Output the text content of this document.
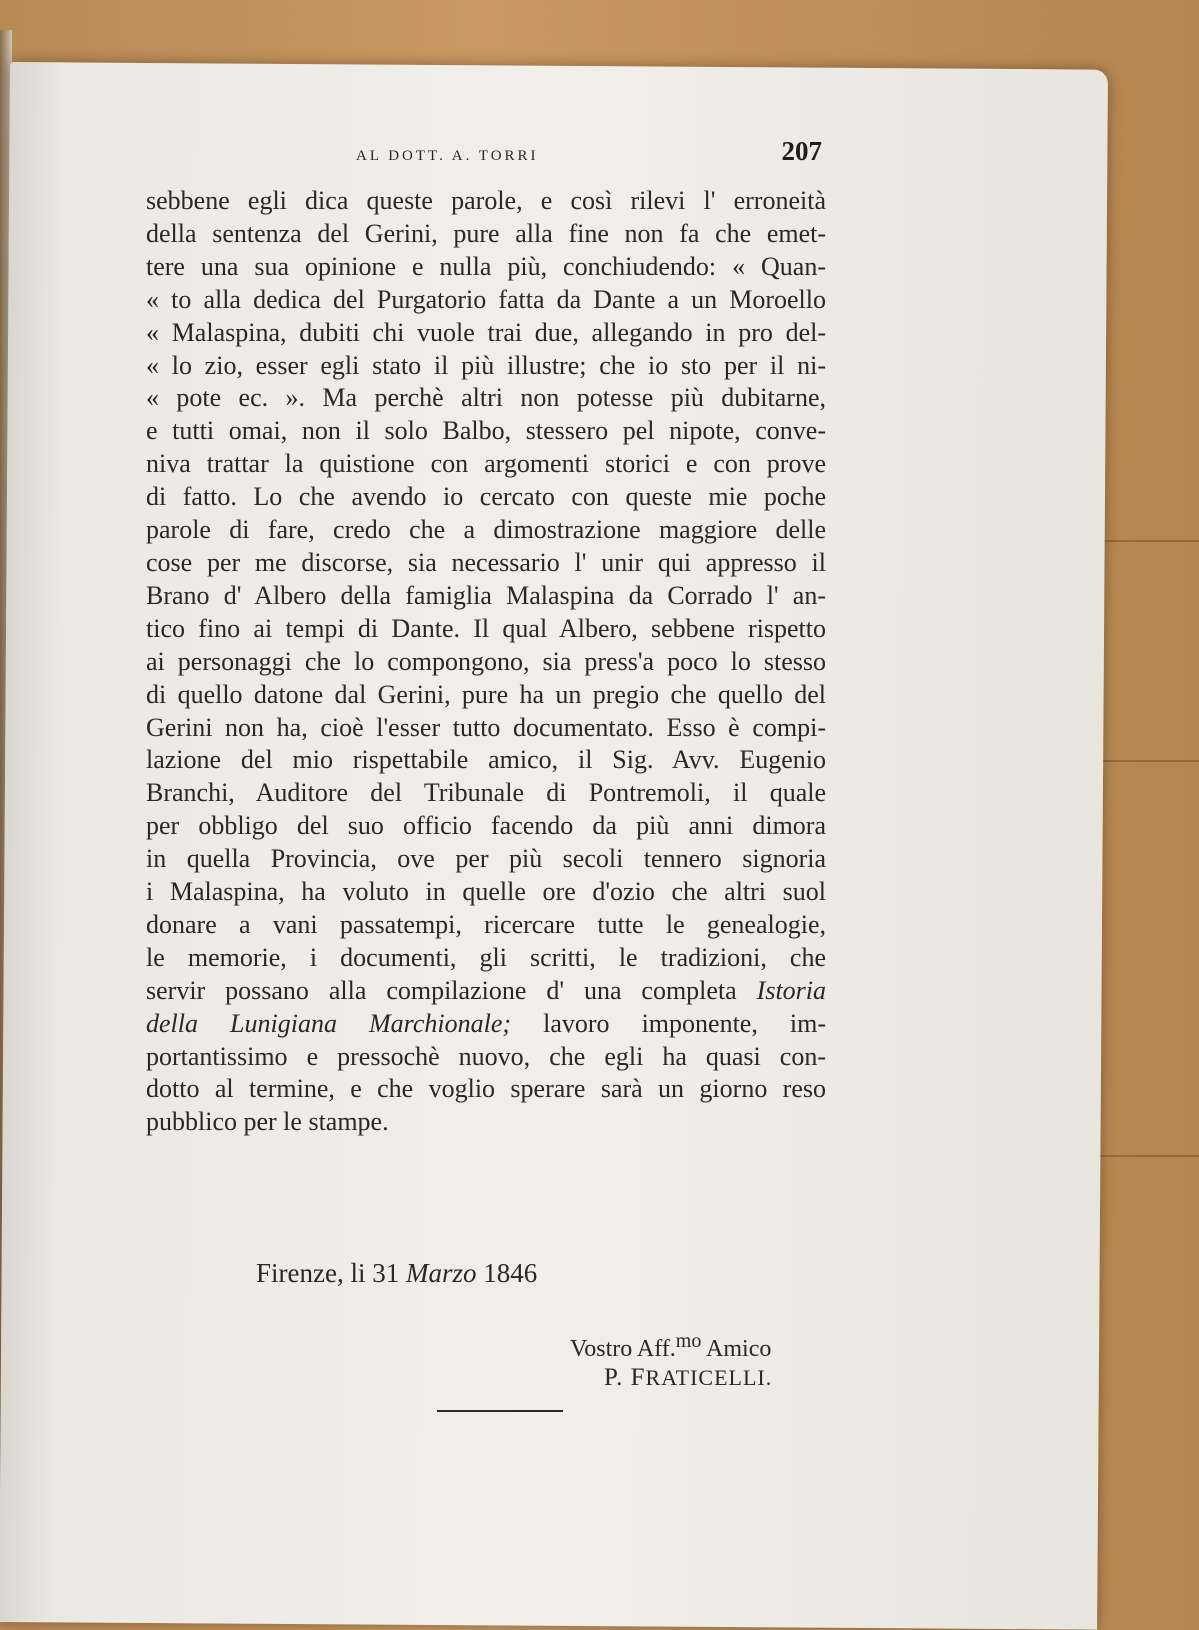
AL DOTT. A. TORRI	207
sebbene egli dica queste parole, e così rilevi l' erroneità
della sentenza del Gerini, pure alla fine non fa che emet-
tere una sua opinione e nulla più, conchiudendo: « Quan-
« to alla dedica del Purgatorio fatta da Dante a un Moroello
« Malaspina, dubiti chi vuole trai due, allegando in pro del-
« lo zio, esser egli stato il più illustre; che io sto per il ni-
« pote ec. ». Ma perchè altri non potesse più dubitarne,
e tutti omai, non il solo Balbo, stessero pel nipote, conve-
niva trattar la quistione con argomenti storici e con prove
di fatto. Lo che avendo io cercato con queste mie poche
parole di fare, credo che a dimostrazione maggiore delle
cose per me discorse, sia necessario l' unir qui appresso il
Brano d' Albero della famiglia Malaspina da Corrado l' an-
tico fino ai tempi di Dante. Il qual Albero, sebbene rispetto
ai personaggi che lo compongono, sia press'a poco lo stesso
di quello datone dal Gerini, pure ha un pregio che quello del
Gerini non ha, cioè l'esser tutto documentato. Esso è compi-
lazione del mio rispettabile amico, il Sig. Avv. Eugenio
Branchi, Auditore del Tribunale di Pontremoli, il quale
per obbligo del suo officio facendo da più anni dimora
in quella Provincia, ove per più secoli tennero signoria
i Malaspina, ha voluto in quelle ore d'ozio che altri suol
donare a vani passatempi, ricercare tutte le genealogie,
le memorie, i documenti, gli scritti, le tradizioni, che
servir possano alla compilazione d' una completa Istoria
della Lunigiana Marchionale; lavoro imponente, im-
portantissimo e pressochè nuovo, che egli ha quasi con-
dotto al termine, e che voglio sperare sarà un giorno reso
pubblico per le stampe.
Firenze, li 31 Marzo 1846
Vostro Aff.$^{mo}$ Amico
P. FRATICELLI.
